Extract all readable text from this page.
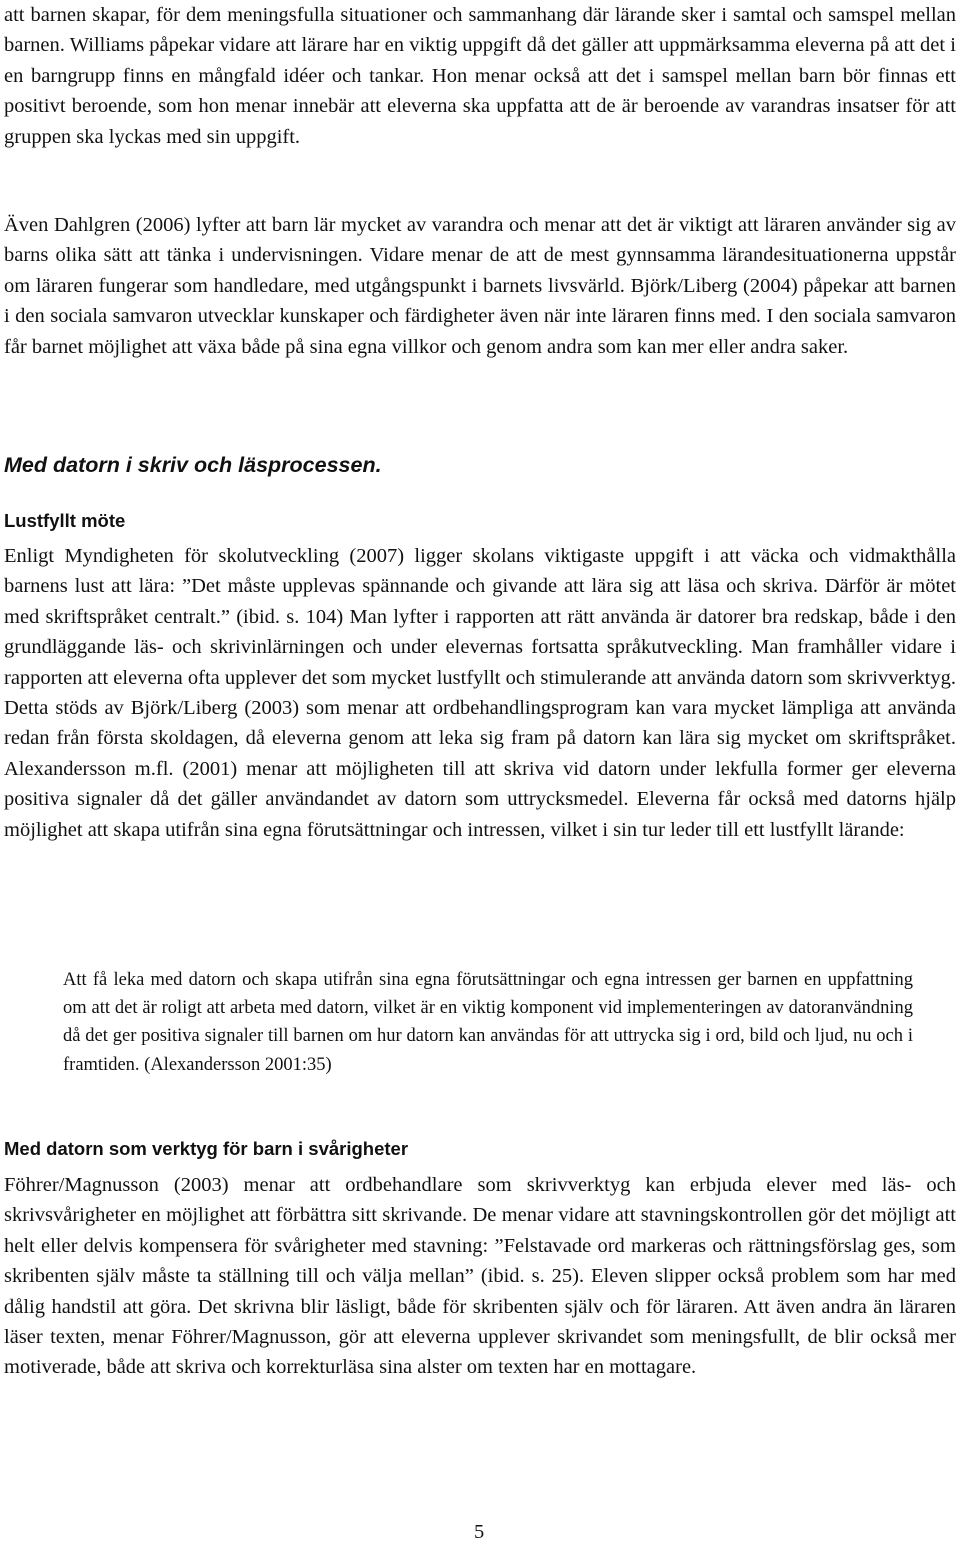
att barnen skapar, för dem meningsfulla situationer och sammanhang där lärande sker i samtal och samspel mellan barnen. Williams påpekar vidare att lärare har en viktig uppgift då det gäller att uppmärksamma eleverna på att det i en barngrupp finns en mångfald idéer och tankar. Hon menar också att det i samspel mellan barn bör finnas ett positivt beroende, som hon menar innebär att eleverna ska uppfatta att de är beroende av varandras insatser för att gruppen ska lyckas med sin uppgift.

Även Dahlgren (2006) lyfter att barn lär mycket av varandra och menar att det är viktigt att läraren använder sig av barns olika sätt att tänka i undervisningen. Vidare menar de att de mest gynnsamma lärandesituationerna uppstår om läraren fungerar som handledare, med utgångspunkt i barnets livsvärld. Björk/Liberg (2004) påpekar att barnen i den sociala samvaron utvecklar kunskaper och färdigheter även när inte läraren finns med. I den sociala samvaron får barnet möjlighet att växa både på sina egna villkor och genom andra som kan mer eller andra saker.

Med datorn i skriv och läsprocessen.
Lustfyllt möte

Enligt Myndigheten för skolutveckling (2007) ligger skolans viktigaste uppgift i att väcka och vidmakthålla barnens lust att lära: ”Det måste upplevas spännande och givande att lära sig att läsa och skriva. Därför är mötet med skriftspråket centralt.” (ibid. s. 104) Man lyfter i rapporten att rätt använda är datorer bra redskap, både i den grundläggande läs- och skrivinlärningen och under elevernas fortsatta språkutveckling. Man framhåller vidare i rapporten att eleverna ofta upplever det som mycket lustfyllt och stimulerande att använda datorn som skrivverktyg. Detta stöds av Björk/Liberg (2003) som menar att ordbehandlingsprogram kan vara mycket lämpliga att använda redan från första skoldagen, då eleverna genom att leka sig fram på datorn kan lära sig mycket om skriftspråket. Alexandersson m.fl. (2001) menar att möjligheten till att skriva vid datorn under lekfulla former ger eleverna positiva signaler då det gäller användandet av datorn som uttrycksmedel. Eleverna får också med datorns hjälp möjlighet att skapa utifrån sina egna förutsättningar och intressen, vilket i sin tur leder till ett lustfyllt lärande:

Att få leka med datorn och skapa utifrån sina egna förutsättningar och egna intressen ger barnen en uppfattning om att det är roligt att arbeta med datorn, vilket är en viktig komponent vid implementeringen av datoranvändning då det ger positiva signaler till barnen om hur datorn kan användas för att uttrycka sig i ord, bild och ljud, nu och i framtiden. (Alexandersson 2001:35)
Med datorn som verktyg för barn i svårigheter

Föhrer/Magnusson (2003) menar att ordbehandlare som skrivverktyg kan erbjuda elever med läs- och skrivsvårigheter en möjlighet att förbättra sitt skrivande. De menar vidare att stavningskontrollen gör det möjligt att helt eller delvis kompensera för svårigheter med stavning: ”Felstavade ord markeras och rättningsförslag ges, som skribenten själv måste ta ställning till och välja mellan” (ibid. s. 25). Eleven slipper också problem som har med dålig handstil att göra. Det skrivna blir läsligt, både för skribenten själv och för läraren. Att även andra än läraren läser texten, menar Föhrer/Magnusson, gör att eleverna upplever skrivandet som meningsfullt, de blir också mer motiverade, både att skriva och korrekturläsa sina alster om texten har en mottagare.

5
